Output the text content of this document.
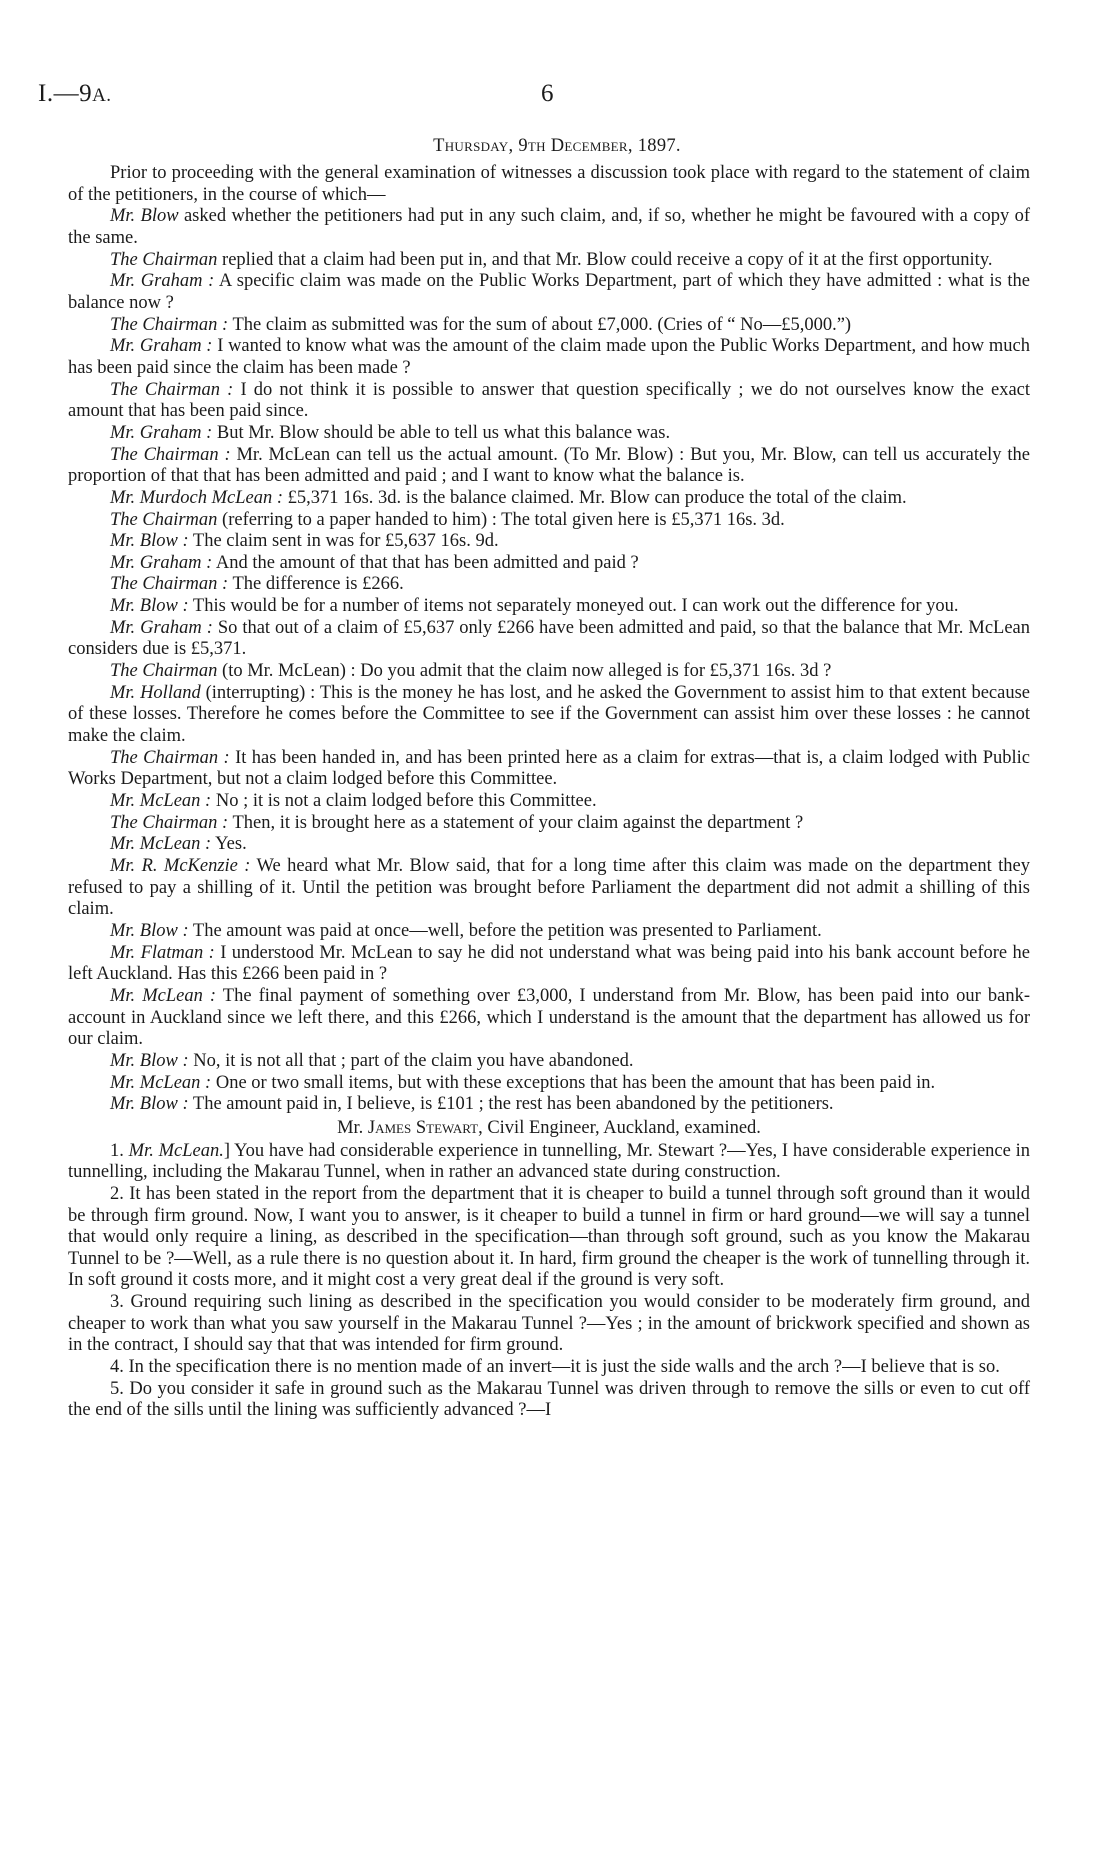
I.—9A.	6
Thursday, 9th December, 1897.

Prior to proceeding with the general examination of witnesses a discussion took place with regard to the statement of claim of the petitioners, in the course of which—

Mr. Blow asked whether the petitioners had put in any such claim, and, if so, whether he might be favoured with a copy of the same.

The Chairman replied that a claim had been put in, and that Mr. Blow could receive a copy of it at the first opportunity.

Mr. Graham : A specific claim was made on the Public Works Department, part of which they have admitted : what is the balance now ?

The Chairman : The claim as submitted was for the sum of about £7,000. (Cries of “ No—£5,000.”)

Mr. Graham : I wanted to know what was the amount of the claim made upon the Public Works Department, and how much has been paid since the claim has been made ?

The Chairman : I do not think it is possible to answer that question specifically ; we do not ourselves know the exact amount that has been paid since.

Mr. Graham : But Mr. Blow should be able to tell us what this balance was.

The Chairman : Mr. McLean can tell us the actual amount. (To Mr. Blow) : But you, Mr. Blow, can tell us accurately the proportion of that that has been admitted and paid ; and I want to know what the balance is.

Mr. Murdoch McLean : £5,371 16s. 3d. is the balance claimed. Mr. Blow can produce the total of the claim.

The Chairman (referring to a paper handed to him) : The total given here is £5,371 16s. 3d.

Mr. Blow : The claim sent in was for £5,637 16s. 9d.

Mr. Graham : And the amount of that that has been admitted and paid ?

The Chairman : The difference is £266.

Mr. Blow : This would be for a number of items not separately moneyed out. I can work out the difference for you.

Mr. Graham : So that out of a claim of £5,637 only £266 have been admitted and paid, so that the balance that Mr. McLean considers due is £5,371.

The Chairman (to Mr. McLean) : Do you admit that the claim now alleged is for £5,371 16s. 3d ?

Mr. Holland (interrupting) : This is the money he has lost, and he asked the Government to assist him to that extent because of these losses. Therefore he comes before the Committee to see if the Government can assist him over these losses : he cannot make the claim.

The Chairman : It has been handed in, and has been printed here as a claim for extras—that is, a claim lodged with Public Works Department, but not a claim lodged before this Committee.

Mr. McLean : No ; it is not a claim lodged before this Committee.

The Chairman : Then, it is brought here as a statement of your claim against the department ?

Mr. McLean : Yes.

Mr. R. McKenzie : We heard what Mr. Blow said, that for a long time after this claim was made on the department they refused to pay a shilling of it. Until the petition was brought before Parliament the department did not admit a shilling of this claim.

Mr. Blow : The amount was paid at once—well, before the petition was presented to Parliament.

Mr. Flatman : I understood Mr. McLean to say he did not understand what was being paid into his bank account before he left Auckland. Has this £266 been paid in ?

Mr. McLean : The final payment of something over £3,000, I understand from Mr. Blow, has been paid into our bank-account in Auckland since we left there, and this £266, which I understand is the amount that the department has allowed us for our claim.

Mr. Blow : No, it is not all that ; part of the claim you have abandoned.

Mr. McLean : One or two small items, but with these exceptions that has been the amount that has been paid in.

Mr. Blow : The amount paid in, I believe, is £101 ; the rest has been abandoned by the petitioners.

Mr. James Stewart, Civil Engineer, Auckland, examined.

1. Mr. McLean.] You have had considerable experience in tunnelling, Mr. Stewart ?—Yes, I have considerable experience in tunnelling, including the Makarau Tunnel, when in rather an advanced state during construction.

2. It has been stated in the report from the department that it is cheaper to build a tunnel through soft ground than it would be through firm ground. Now, I want you to answer, is it cheaper to build a tunnel in firm or hard ground—we will say a tunnel that would only require a lining, as described in the specification—than through soft ground, such as you know the Makarau Tunnel to be ?—Well, as a rule there is no question about it. In hard, firm ground the cheaper is the work of tunnelling through it. In soft ground it costs more, and it might cost a very great deal if the ground is very soft.

3. Ground requiring such lining as described in the specification you would consider to be moderately firm ground, and cheaper to work than what you saw yourself in the Makarau Tunnel ?—Yes ; in the amount of brickwork specified and shown as in the contract, I should say that that was intended for firm ground.

4. In the specification there is no mention made of an invert—it is just the side walls and the arch ?—I believe that is so.

5. Do you consider it safe in ground such as the Makarau Tunnel was driven through to remove the sills or even to cut off the end of the sills until the lining was sufficiently advanced ?—I
